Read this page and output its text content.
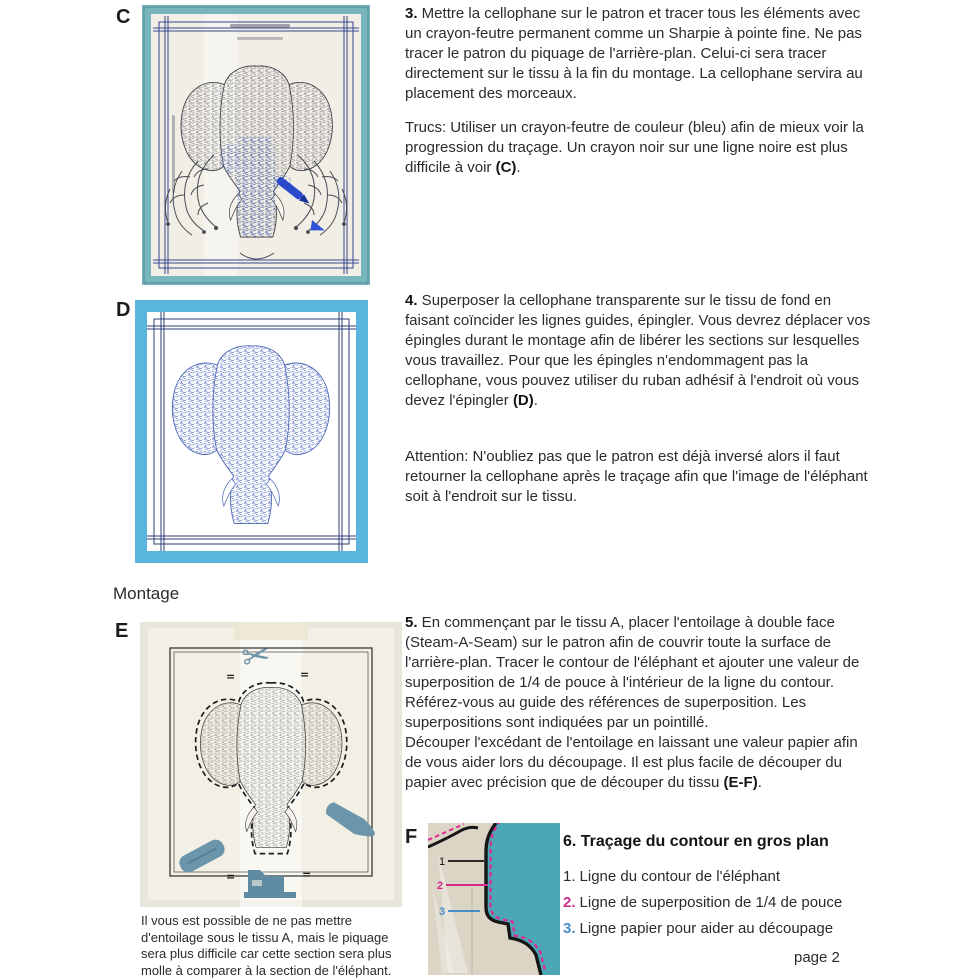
C	3. Mettre la cellophane sur le patron et tracer tous les éléments avec un crayon-feutre permanent comme un Sharpie à pointe fine. Ne pas tracer le patron du piquage de l'arrière-plan. Celui-ci sera tracer directement sur le tissu à la fin du montage. La cellophane servira au placement des morceaux.
Trucs: Utiliser un crayon-feutre de couleur (bleu) afin de mieux voir la progression du traçage. Un crayon noir sur une ligne noire est plus difficile à voir (C).
D	4. Superposer la cellophane transparente sur le tissu de fond en faisant coïncider les lignes guides, épingler. Vous devrez déplacer vos épingles durant le montage afin de libérer les sections sur lesquelles vous travaillez. Pour que les épingles n'endommagent pas la cellophane, vous pouvez utiliser du ruban adhésif à l'endroit où vous devez l'épingler (D).
Attention: N'oubliez pas que le patron est déjà inversé alors il faut retourner la cellophane après le traçage afin que l'image de l'éléphant soit à l'endroit sur le tissu.
Montage
E
=	=
=	=
✂
Il vous est possible de ne pas mettre d'entoilage sous le tissu A, mais le piquage sera plus difficile car cette section sera plus molle à comparer à la section de l'éléphant.
5. En commençant par le tissu A, placer l'entoilage à double face (Steam-A-Seam) sur le patron afin de couvrir toute la surface de l'arrière-plan. Tracer le contour de l'éléphant et ajouter une valeur de superposition de 1/4 de pouce à l'intérieur de la ligne du contour. Référez-vous au guide des références de superposition. Les superpositions sont indiquées par un pointillé.
Découper l'excédant de l'entoilage en laissant une valeur papier afin de vous aider lors du découpage. Il est plus facile de découper du papier avec précision que de découper du tissu (E-F).
F
1
2
3
6. Traçage du contour en gros plan
1. Ligne du contour de l'éléphant
2. Ligne de superposition de 1/4 de pouce
3. Ligne papier pour aider au découpage
page 2
